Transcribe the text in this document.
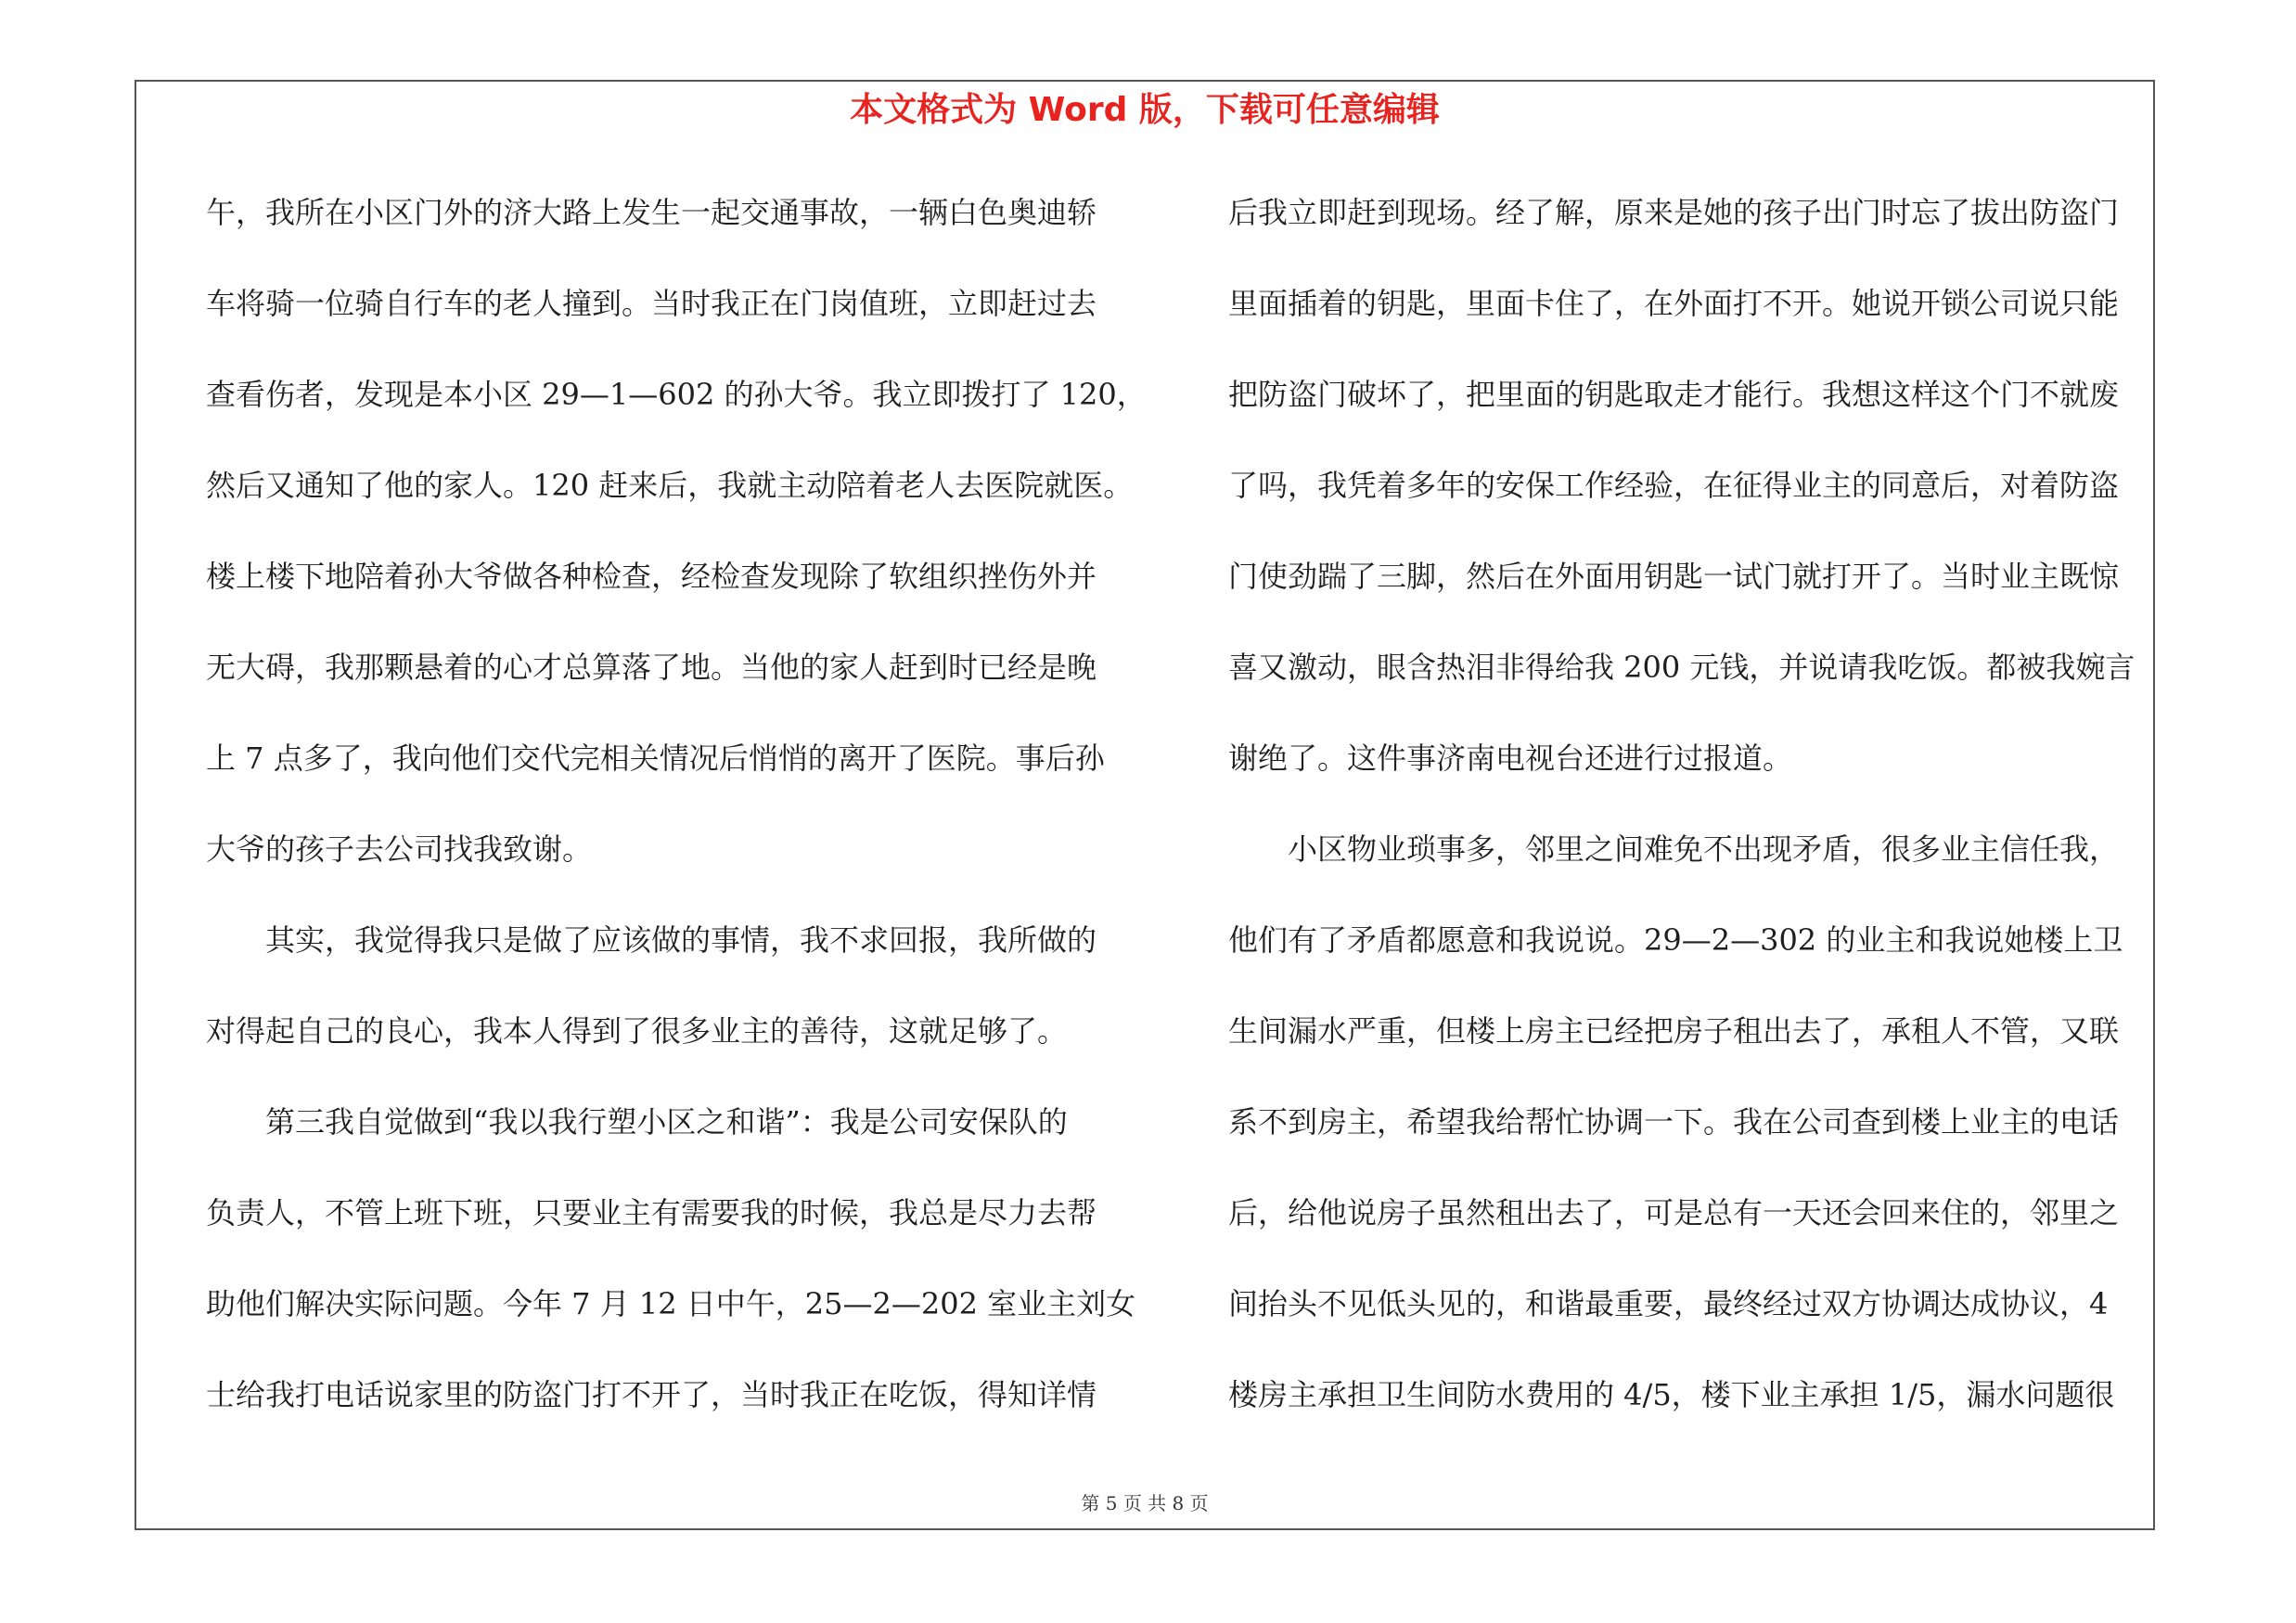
本文格式为 Word 版，下载可任意编辑
午，我所在小区门外的济大路上发生一起交通事故，一辆白色奥迪轿
车将骑一位骑自行车的老人撞到。当时我正在门岗值班，立即赶过去
查看伤者，发现是本小区 29—1—602 的孙大爷。我立即拨打了 120，
然后又通知了他的家人。120 赶来后，我就主动陪着老人去医院就医。
楼上楼下地陪着孙大爷做各种检查，经检查发现除了软组织挫伤外并
无大碍，我那颗悬着的心才总算落了地。当他的家人赶到时已经是晚
上 7 点多了，我向他们交代完相关情况后悄悄的离开了医院。事后孙
大爷的孩子去公司找我致谢。
　　其实，我觉得我只是做了应该做的事情，我不求回报，我所做的
对得起自己的良心，我本人得到了很多业主的善待，这就足够了。
　　第三我自觉做到“我以我行塑小区之和谐”：我是公司安保队的
负责人，不管上班下班，只要业主有需要我的时候，我总是尽力去帮
助他们解决实际问题。今年 7 月 12 日中午，25—2—202 室业主刘女
士给我打电话说家里的防盗门打不开了，当时我正在吃饭，得知详情
后我立即赶到现场。经了解，原来是她的孩子出门时忘了拔出防盗门
里面插着的钥匙，里面卡住了，在外面打不开。她说开锁公司说只能
把防盗门破坏了，把里面的钥匙取走才能行。我想这样这个门不就废
了吗，我凭着多年的安保工作经验，在征得业主的同意后，对着防盗
门使劲踹了三脚，然后在外面用钥匙一试门就打开了。当时业主既惊
喜又激动，眼含热泪非得给我 200 元钱，并说请我吃饭。都被我婉言
谢绝了。这件事济南电视台还进行过报道。
　　小区物业琐事多，邻里之间难免不出现矛盾，很多业主信任我，
他们有了矛盾都愿意和我说说。29—2—302 的业主和我说她楼上卫
生间漏水严重，但楼上房主已经把房子租出去了，承租人不管，又联
系不到房主，希望我给帮忙协调一下。我在公司查到楼上业主的电话
后，给他说房子虽然租出去了，可是总有一天还会回来住的，邻里之
间抬头不见低头见的，和谐最重要，最终经过双方协调达成协议，4
楼房主承担卫生间防水费用的 4/5，楼下业主承担 1/5，漏水问题很
第 5 页 共 8 页
